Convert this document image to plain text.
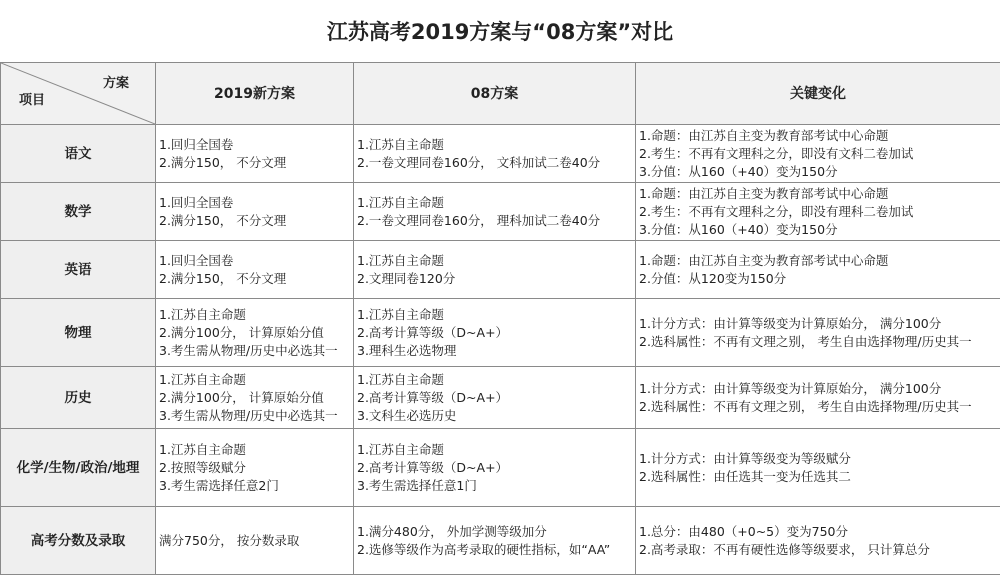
江苏高考2019方案与“08方案”对比
方案
项目	2019新方案	08方案	关键变化
语文	1.回归全国卷
2.满分150， 不分文理	1.江苏自主命题
2.一卷文理同卷160分， 文科加试二卷40分	1.命题：由江苏自主变为教育部考试中心命题
2.考生：不再有文理科之分，即没有文科二卷加试
3.分值：从160（+40）变为150分

数学	1.回归全国卷
2.满分150， 不分文理	1.江苏自主命题
2.一卷文理同卷160分， 理科加试二卷40分	1.命题：由江苏自主变为教育部考试中心命题
2.考生：不再有文理科之分，即没有理科二卷加试
3.分值：从160（+40）变为150分

英语	1.回归全国卷
2.满分150， 不分文理	1.江苏自主命题
2.文理同卷120分	1.命题：由江苏自主变为教育部考试中心命题
2.分值：从120变为150分

物理	1.江苏自主命题
2.满分100分， 计算原始分值
3.考生需从物理/历史中必选其一	1.江苏自主命题
2.高考计算等级（D~A+）
3.理科生必选物理	1.计分方式：由计算等级变为计算原始分， 满分100分
2.选科属性：不再有文理之别， 考生自由选择物理/历史其一

历史	1.江苏自主命题
2.满分100分， 计算原始分值
3.考生需从物理/历史中必选其一	1.江苏自主命题
2.高考计算等级（D~A+）
3.文科生必选历史	1.计分方式：由计算等级变为计算原始分， 满分100分
2.选科属性：不再有文理之别， 考生自由选择物理/历史其一

化学/生物/政治/地理	1.江苏自主命题
2.按照等级赋分
3.考生需选择任意2门	1.江苏自主命题
2.高考计算等级（D~A+）
3.考生需选择任意1门	1.计分方式：由计算等级变为等级赋分
2.选科属性：由任选其一变为任选其二

高考分数及录取	满分750分， 按分数录取	1.满分480分， 外加学测等级加分
2.选修等级作为高考录取的硬性指标，如“AA”	1.总分：由480（+0~5）变为750分
2.高考录取：不再有硬性选修等级要求， 只计算总分
